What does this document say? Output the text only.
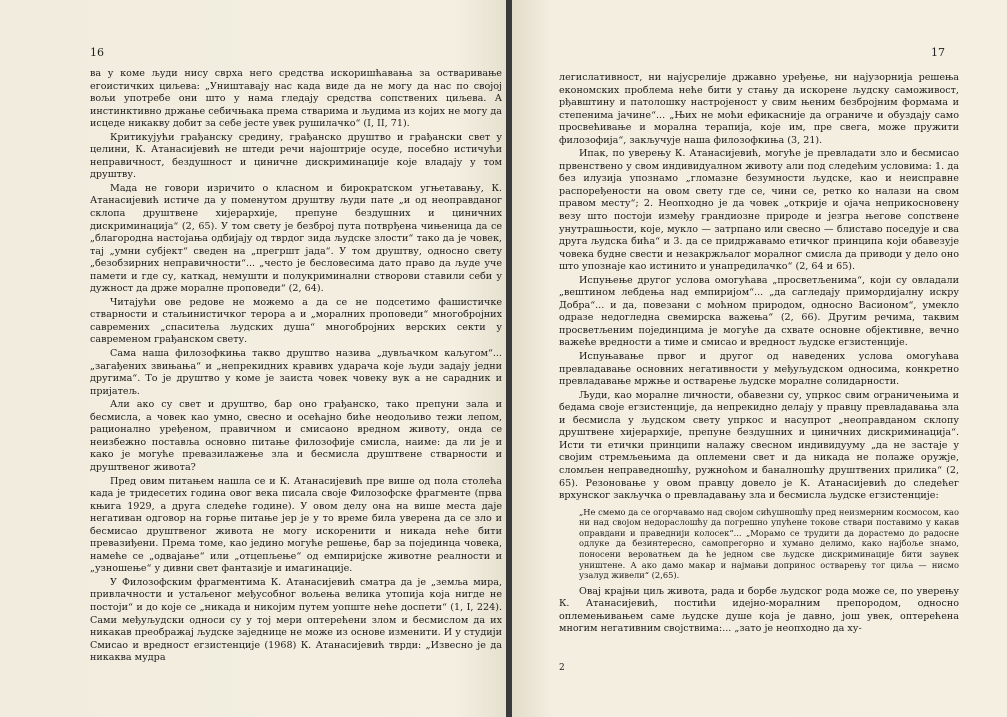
16

ва у коме људи нису сврха него средства искоришћавања за остваривање егоистичких циљева: „Уништавају нас када виде да не могу да нас по својој вољи употребе они што у нама гледају средства сопствених циљева. А инстинктивно држање себичњака према стварима и људима из којих не могу да исцеде никакву добит за себе јесте увек рушилачко“ (I, II, 71).

Критикујући грађанску средину, грађанско друштво и грађански свет у целини, К. Атанасијевић не штеди речи најоштрије осуде, посебно истичући неправичност, бездушност и циничне дискриминације које владају у том друштву.

Мада не говори изричито о класном и бирократском угњетавању, К. Атанасијевић истиче да у поменутом друштву људи пате „и од неоправданог склопа друштвене хијерархије, препуне бездушних и циничних дискриминација“ (2, 65). У том свету је безброј пута потврђена чињеница да се „благородна настојања одбијају од тврдог зида људске злости“ тако да је човек, тај „умни субјект“ сведен на „прегршт јада“. У том друштву, односно свету „безобзирних неправичности“... „често је бесловесима дато право да људе уче памети и где су, каткад, немушти и полукриминални створови ставили себи у дужност да држе моралне проповеди“ (2, 64).

Читајући ове редове не можемо а да се не подсетимо фашистичке стварности и стаљинистичког терора а и „моралних проповеди“ многобројних савремених „спаситеља људских душа“ многобројних верских секти у савременом грађанском свету.

Сама наша филозофкиња такво друштво назива „дувљачком каљугом“... „загађених звињања“ и „непрекидних кравивх ударача које људи задају једни другима“. То је друштво у коме је заиста човек човеку вук а не сарадник и пријатељ.

Али ако су свет и друштво, бар оно грађанско, тако препуни зала и бесмисла, а човек као умно, свесно и осећајно биће неодољиво тежи лепом, рационално уређеном, правичном и смисаоно вредном животу, онда се неизбежно поставља основно питање филозофије смисла, наиме: да ли је и како је могуће превазилажење зла и бесмисла друштвене стварности и друштвеног живота?

Пред овим питањем нашла се и К. Атанасијевић пре више од пола столећа када је тридесетих година овог века писала своје Филозофске фрагменте (прва књига 1929, а друга следеће године). У овом делу она на више места даје негативан одговор на горње питање јер је у то време била уверена да се зло и бесмисао друштвеног живота не могу искоренити и никада неће бити превазиђени. Према томе, као једино могуће решење, бар за појединца човека, намеће се „одвајање“ или „отцепљење“ од емпиријске животне реалности и „узношење“ у дивни свет фантазије и имагинације.

У Филозофским фрагментима К. Атанасијевић сматра да је „земља мира, привлачности и устаљеног међусобног вољења велика утопија која нигде не постоји“ и до које се „никада и никојим путем уопште неће доспети“ (1, I, 224). Сами међуљудски односи су у тој мери оптерећени злом и бесмислом да их никакав преображај људске заједнице не може из основе изменити. И у студији Смисао и вредност егзистенције (1968) К. Атанасијевић тврди: „Извесно је да никаква мудра

17

легислативност, ни најусpелије државно уређење, ни најузорнија решења економских проблема неће бити у стању да искорене људску саможивост, рђавштину и патолошку настројеност у свим њеним безбројним формама и степенима јачине“... „Њих не моћи ефикасније да ограниче и обуздају само просвећивање и морална терапија, које им, пре свега, може пружити филозофија“, закључује наша филозофкиња (3, 21).

Ипак, по уверењу К. Атанасијевић, могуће је превладати зло и бесмисао првенствено у свом индивидуалном животу али под следећим условима: 1. да без илузија упознамо „гломазне безумности људске, као и неисправне распоређености на овом свету где се, чини се, ретко ко налази на свом правом месту“; 2. Неопходно је да човек „открије и ојача неприкосновену везу што постоји између грандиозне природе и језгра његове сопствене унутрашњости, које, мукло — затрпано или свесно — блиставо поседује и сва друга људска бића“ и 3. да се придржавамо етичког принципа који обавезује човека будне свести и незакржљалог моралног смисла да приводи у дело оно што упознаје као истинито и унапредилачко“ (2, 64 и 65).

Испуњење другог услова омогућава „просветљенима“, који су овладали „вештином лебдења над емпиријом“... „да сагледају примордијалну искру Добра“... и да, повезани с моћном природом, односно Васионом“, умекло одразе недоглeдна свемирска важења“ (2, 66). Другим речима, таквим просветљеним појединцима је могуће да схвате основне објективне, вечно важеће вредности а тиме и смисао и вредност људске егзистенције.

Испуњавање првог и другог од наведених услова омогућава превладавање основних негативности у међуљудском односима, конкретно превладавање мржње и остварење људске моралне солидарности.

Људи, као моралне личности, обавезни су, упркос свим ограничењима и бедама своје егзистенције, да непрекидно делају у правцу превладавања зла и бесмисла у људском свету упркос и насупрот „неоправданом склопу друштвене хијерархије, препуне бездушних и циничних дискриминација“. Исти ти етички принципи налажу свесном индивидууму „да не застаје у својим стремљењима да оплемени свет и да никада не полаже оружје, сломљен неправедношћу, ружнoћом и баналношћу друштвених прилика“ (2, 65). Резоновање у овом правцу довело је К. Атанасијевић до следећег врхунског закључка о превладавању зла и бесмисла људске егзистенције:

„Не смемо да се огорчавамо над својом сићушношћу пред неизмерним космосом, као ни над својом недораслошћу да погрешно упућене токове ствари поставимо у какав оправдани и праведнији колосек“... „Морамо се трудити да дорастемо до радосне одлуке да безинтересно, самопрегорно и хумано делимо, како најбоље знамо, поносени вероватњем да ће једном све људске дискриминације бити заувек уништене. А ако дамо макар и најмањи допринос остварењу тог циља — нисмо узалуд живели“ (2,65).

Овај крајњи циљ живота, рада и борбе људског рода може се, по уверењу К. Атанасијевић, постићи идејно-моралним препорoдом, односно оплемењивањем саме људске душе која је давно, још увек, оптерећена многим негативним својствима:... „зато је неопходно да ху-

2
